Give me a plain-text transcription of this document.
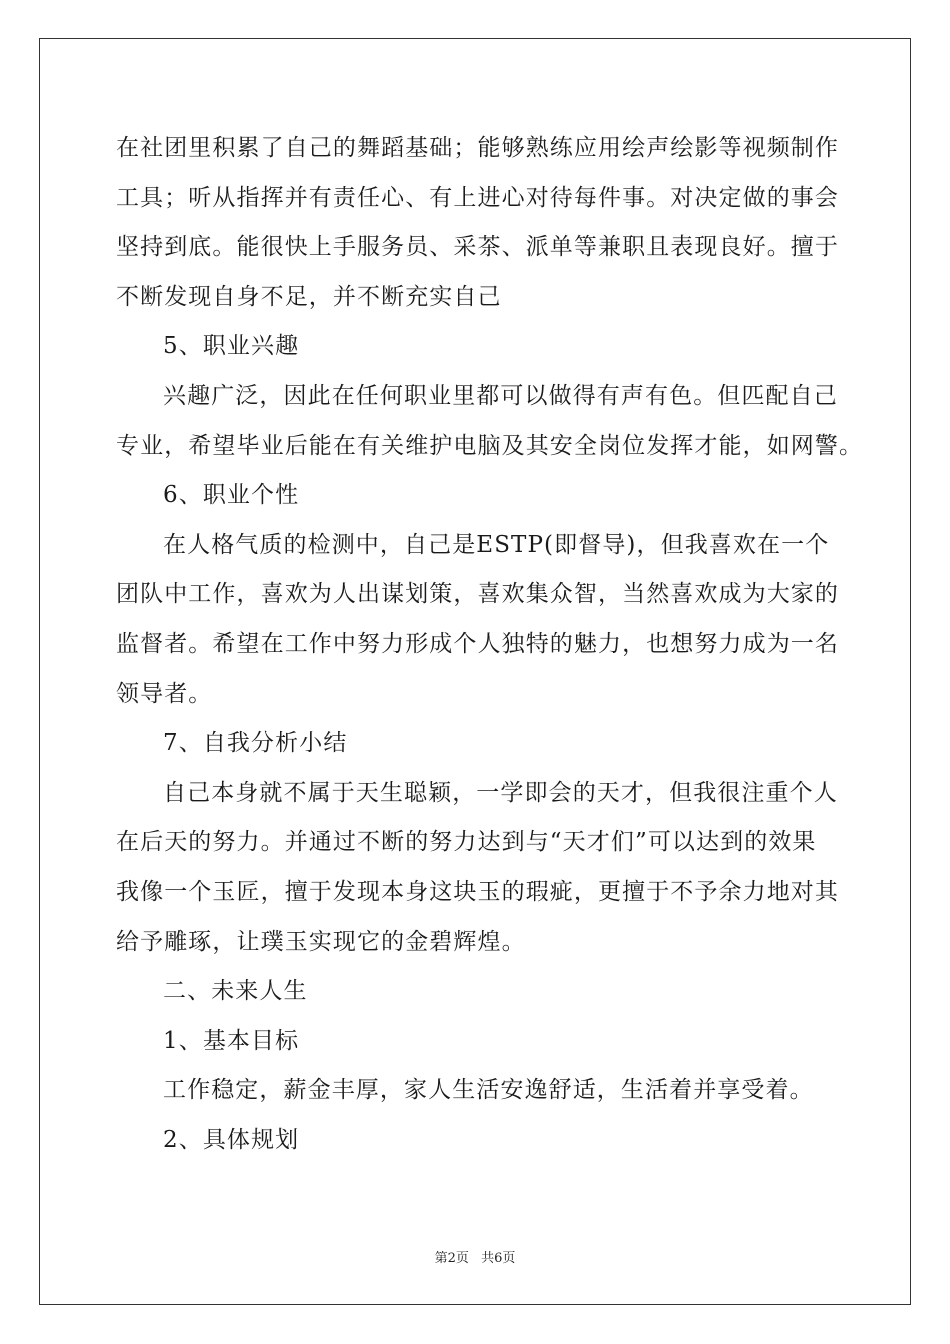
在社团里积累了自己的舞蹈基础；能够熟练应用绘声绘影等视频制作
工具；听从指挥并有责任心、有上进心对待每件事。对决定做的事会
坚持到底。能很快上手服务员、采茶、派单等兼职且表现良好。擅于
不断发现自身不足，并不断充实自己
5、职业兴趣
兴趣广泛，因此在任何职业里都可以做得有声有色。但匹配自己
专业，希望毕业后能在有关维护电脑及其安全岗位发挥才能，如网警。
6、职业个性
在人格气质的检测中，自己是ESTP(即督导)，但我喜欢在一个
团队中工作，喜欢为人出谋划策，喜欢集众智，当然喜欢成为大家的
监督者。希望在工作中努力形成个人独特的魅力，也想努力成为一名
领导者。
7、自我分析小结
自己本身就不属于天生聪颖，一学即会的天才，但我很注重个人
在后天的努力。并通过不断的努力达到与“天才们”可以达到的效果
我像一个玉匠，擅于发现本身这块玉的瑕疵，更擅于不予余力地对其
给予雕琢，让璞玉实现它的金碧辉煌。
二、未来人生
1、基本目标
工作稳定，薪金丰厚，家人生活安逸舒适，生活着并享受着。
2、具体规划
第2页 共6页
